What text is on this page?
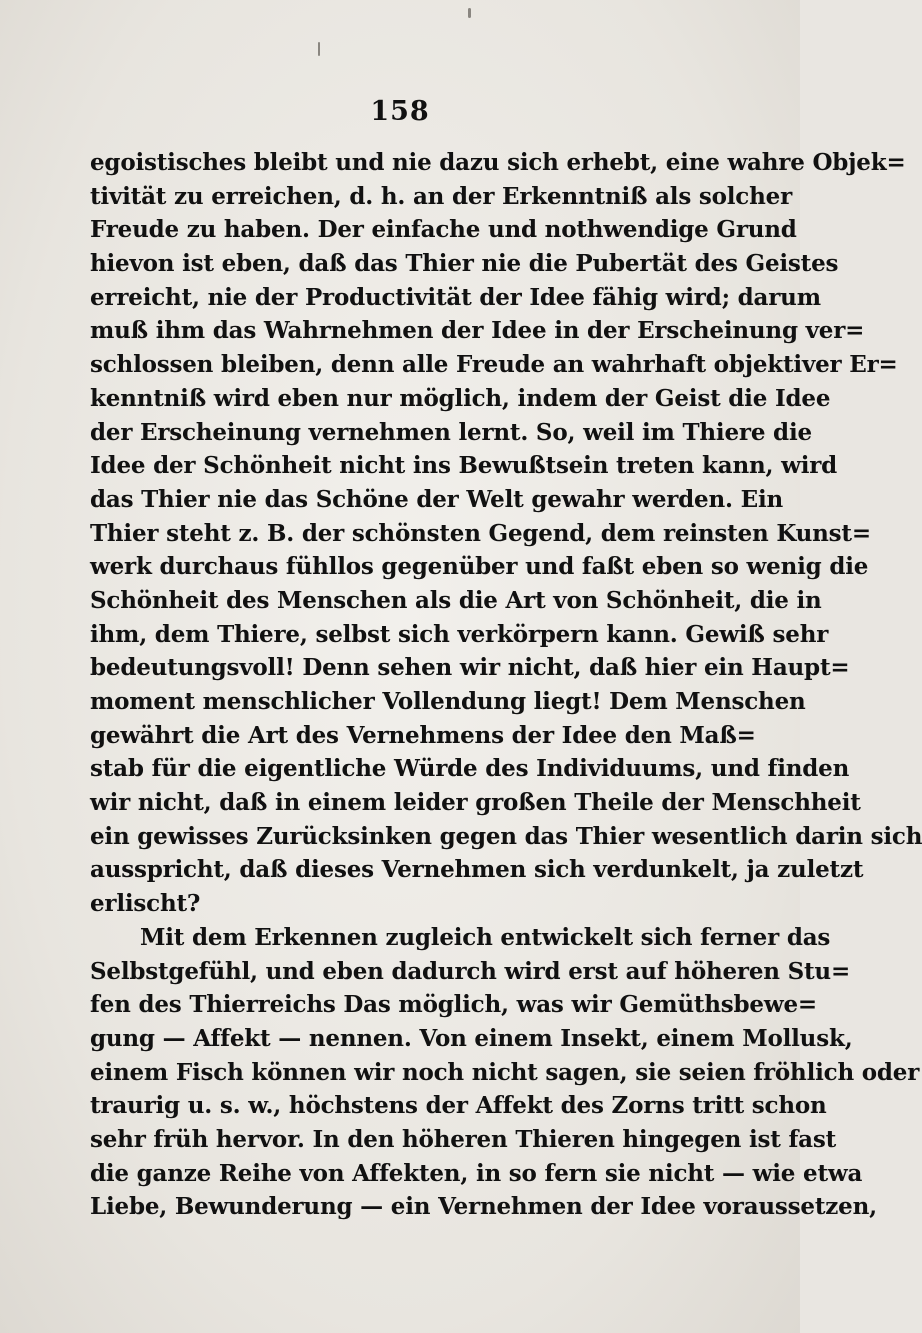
158
egoistisches bleibt und nie dazu sich erhebt, eine wahre Objek=
tivität zu erreichen, d. h. an der Erkenntniß als solcher
Freude zu haben. Der einfache und nothwendige Grund
hievon ist eben, daß das Thier nie die Pubertät des Geistes
erreicht, nie der Productivität der Idee fähig wird; darum
muß ihm das Wahrnehmen der Idee in der Erscheinung ver=
schlossen bleiben, denn alle Freude an wahrhaft objektiver Er=
kenntniß wird eben nur möglich, indem der Geist die Idee
der Erscheinung vernehmen lernt. So, weil im Thiere die
Idee der Schönheit nicht ins Bewußtsein treten kann, wird
das Thier nie das Schöne der Welt gewahr werden. Ein
Thier steht z. B. der schönsten Gegend, dem reinsten Kunst=
werk durchaus fühllos gegenüber und faßt eben so wenig die
Schönheit des Menschen als die Art von Schönheit, die in
ihm, dem Thiere, selbst sich verkörpern kann. Gewiß sehr
bedeutungsvoll! Denn sehen wir nicht, daß hier ein Haupt=
moment menschlicher Vollendung liegt! Dem Menschen
gewährt die Art des Vernehmens der Idee den Maß=
stab für die eigentliche Würde des Individuums, und finden
wir nicht, daß in einem leider großen Theile der Menschheit
ein gewisses Zurücksinken gegen das Thier wesentlich darin sich
ausspricht, daß dieses Vernehmen sich verdunkelt, ja zuletzt
erlischt?
Mit dem Erkennen zugleich entwickelt sich ferner das
Selbstgefühl, und eben dadurch wird erst auf höheren Stu=
fen des Thierreichs Das möglich, was wir Gemüthsbewe=
gung — Affekt — nennen. Von einem Insekt, einem Mollusk,
einem Fisch können wir noch nicht sagen, sie seien fröhlich oder
traurig u. s. w., höchstens der Affekt des Zorns tritt schon
sehr früh hervor. In den höheren Thieren hingegen ist fast
die ganze Reihe von Affekten, in so fern sie nicht — wie etwa
Liebe, Bewunderung — ein Vernehmen der Idee voraussetzen,
